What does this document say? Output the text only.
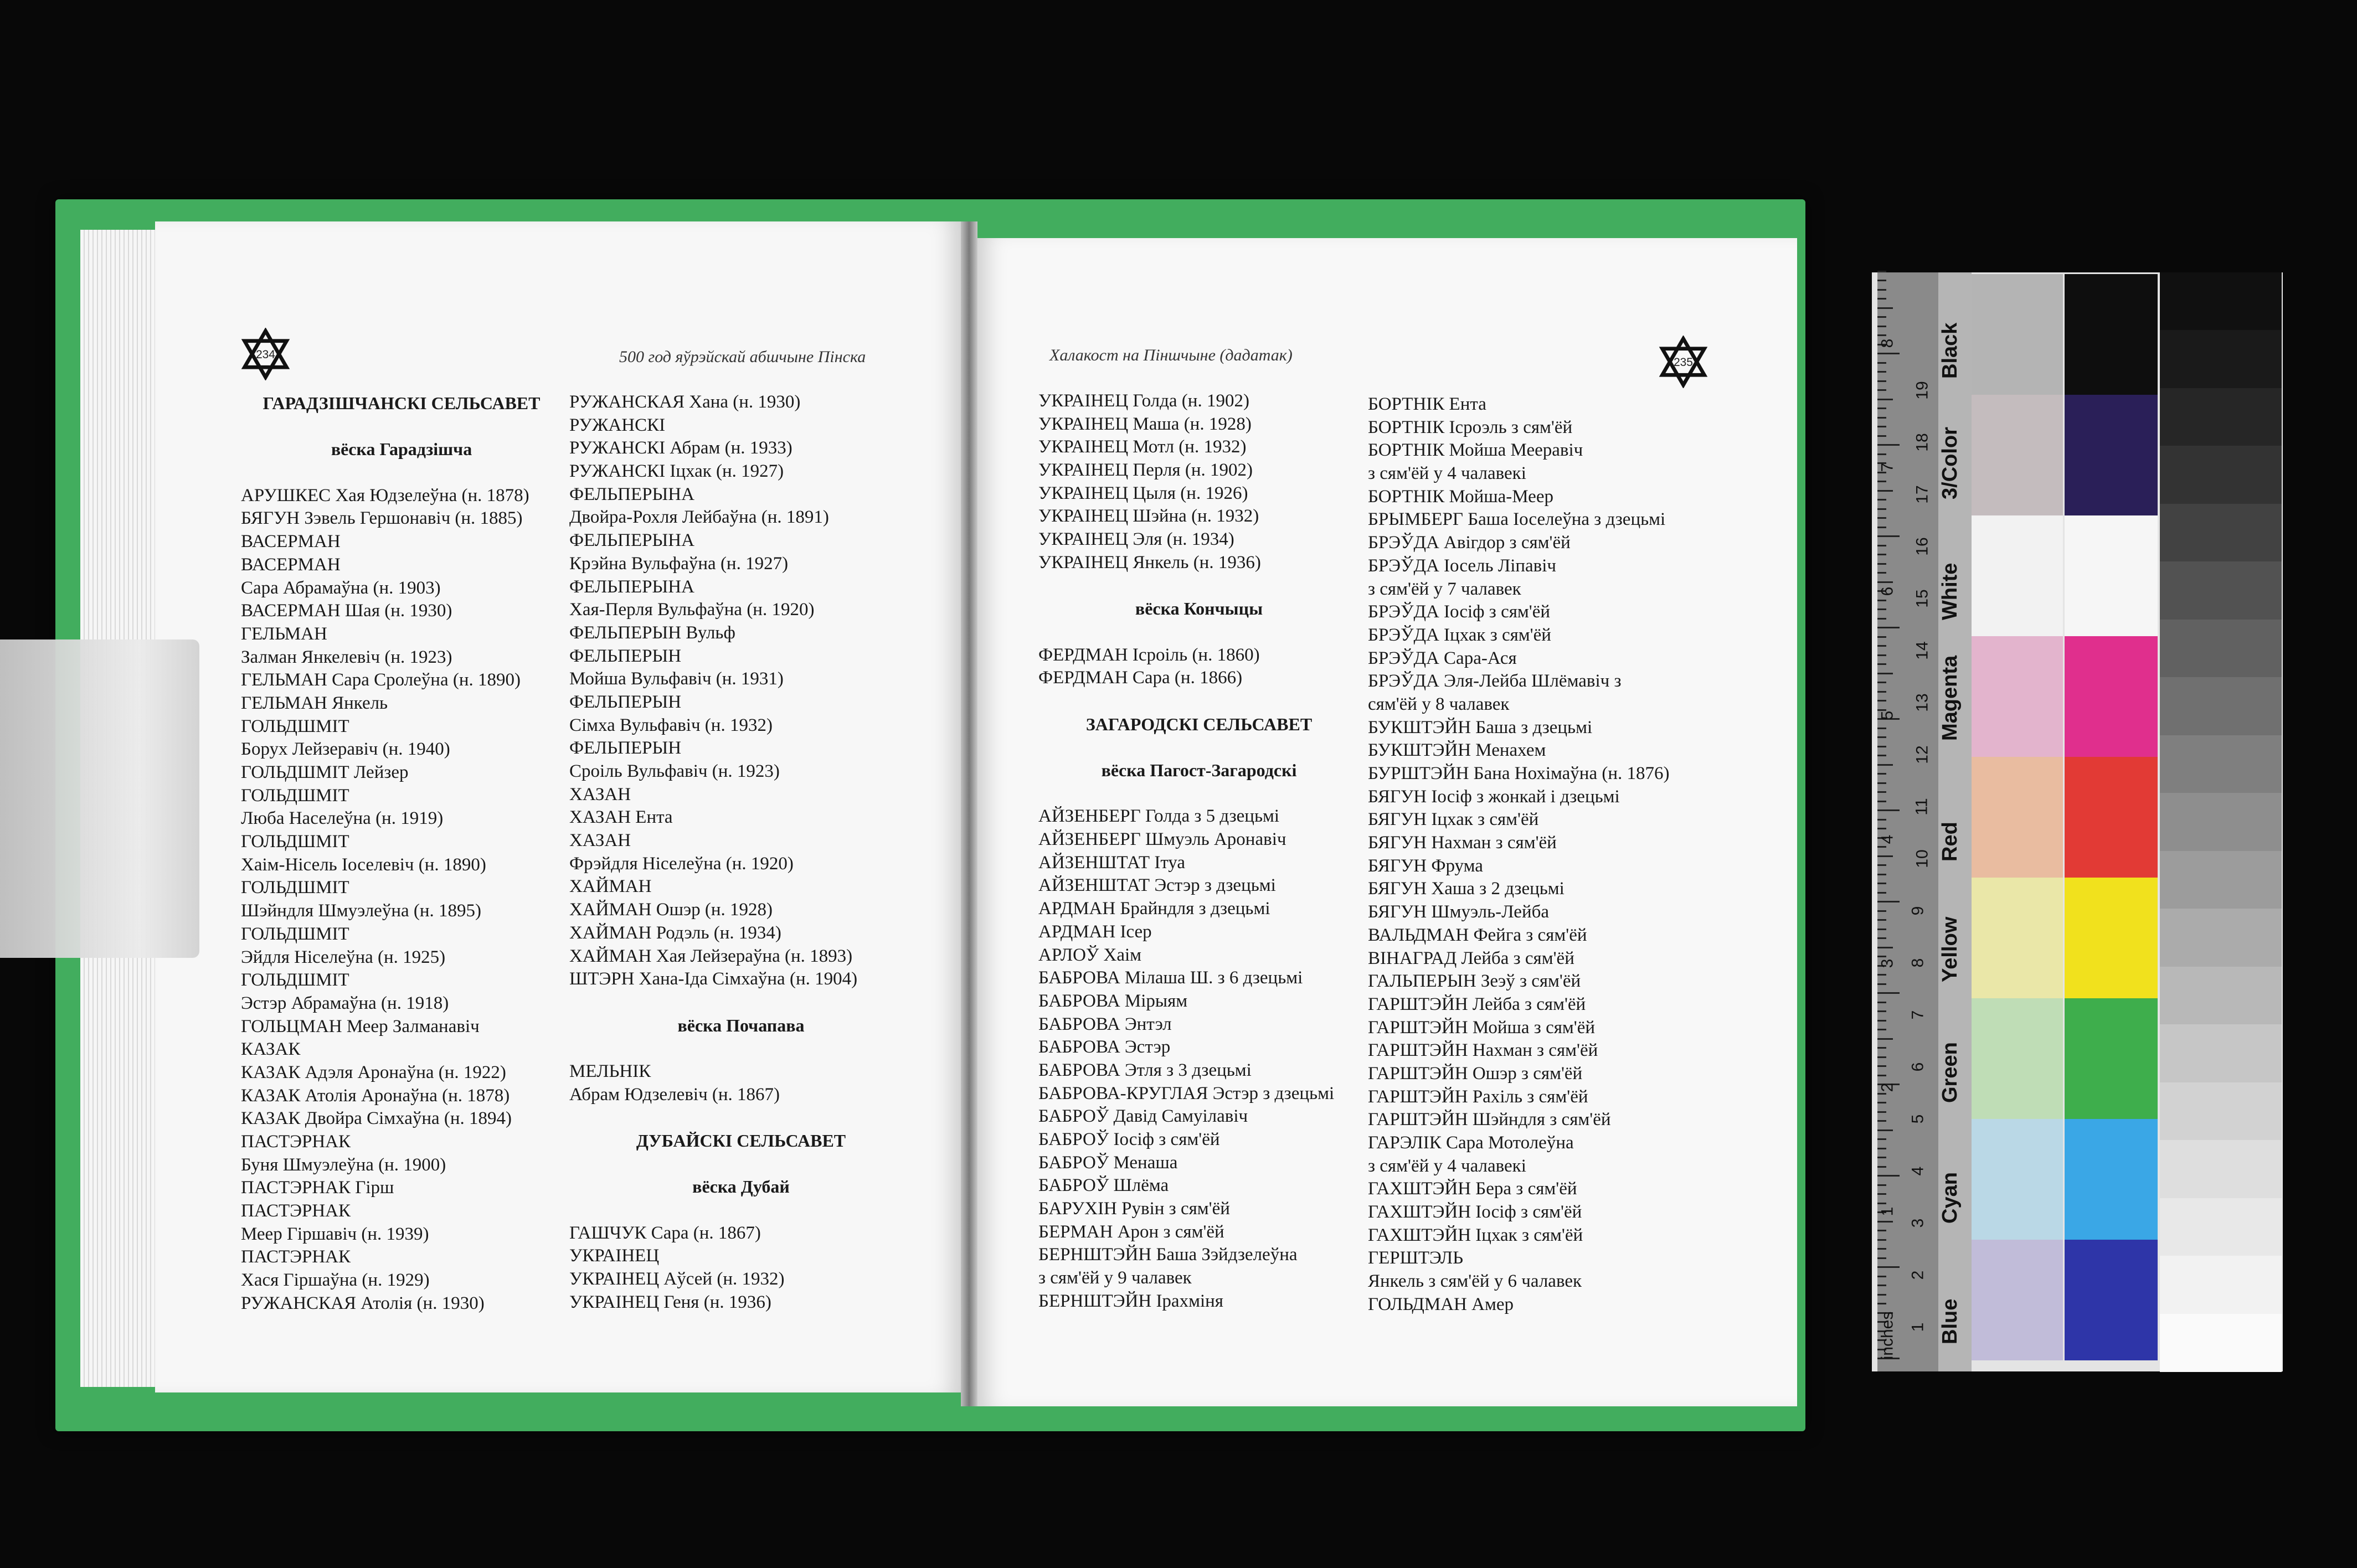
234	500 год яўрэйскай абшчыне Пінска	Халакост на Піншчыне (дадатак)	235
ГАРАДЗІШЧАНСКІ СЕЛЬСАВЕТ
вёска Гарадзішча
АРУШКЕС Хая Юдзелеўна (н. 1878)
БЯГУН Зэвель Гершонавіч (н. 1885)
ВАСЕРМАН
ВАСЕРМАН
Сара Абрамаўна (н. 1903)
ВАСЕРМАН Шая (н. 1930)
ГЕЛЬМАН
Залман Янкелевіч (н. 1923)
ГЕЛЬМАН Сара Сролеўна (н. 1890)
ГЕЛЬМАН Янкель
ГОЛЬДШМІТ
Борух Лейзеравіч (н. 1940)
ГОЛЬДШМІТ Лейзер
ГОЛЬДШМІТ
Люба Населеўна (н. 1919)
ГОЛЬДШМІТ
Хаім-Нісель Іоселевіч (н. 1890)
ГОЛЬДШМІТ
Шэйндля Шмуэлеўна (н. 1895)
ГОЛЬДШМІТ
Эйдля Ніселеўна (н. 1925)
ГОЛЬДШМІТ
Эстэр Абрамаўна (н. 1918)
ГОЛЬЦМАН Меер Залманавіч
КАЗАК
КАЗАК Адэля Аронаўна (н. 1922)
КАЗАК Атолія Аронаўна (н. 1878)
КАЗАК Двойра Сімхаўна (н. 1894)
ПАСТЭРНАК
Буня Шмуэлеўна (н. 1900)
ПАСТЭРНАК Гірш
ПАСТЭРНАК
Меер Гіршавіч (н. 1939)
ПАСТЭРНАК
Хася Гіршаўна (н. 1929)
РУЖАНСКАЯ Атолія (н. 1930)
РУЖАНСКАЯ Хана (н. 1930)
РУЖАНСКІ
РУЖАНСКІ Абрам (н. 1933)
РУЖАНСКІ Іцхак (н. 1927)
ФЕЛЬПЕРЫНА
Двойра-Рохля Лейбаўна (н. 1891)
ФЕЛЬПЕРЫНА
Крэйна Вульфаўна (н. 1927)
ФЕЛЬПЕРЫНА
Хая-Перля Вульфаўна (н. 1920)
ФЕЛЬПЕРЫН Вульф
ФЕЛЬПЕРЫН
Мойша Вульфавіч (н. 1931)
ФЕЛЬПЕРЫН
Сімха Вульфавіч (н. 1932)
ФЕЛЬПЕРЫН
Сроіль Вульфавіч (н. 1923)
ХАЗАН
ХАЗАН Ента
ХАЗАН
Фрэйдля Ніселеўна (н. 1920)
ХАЙМАН
ХАЙМАН Ошэр (н. 1928)
ХАЙМАН Родэль (н. 1934)
ХАЙМАН Хая Лейзераўна (н. 1893)
ШТЭРН Хана-Іда Сімхаўна (н. 1904)
вёска Почапава
МЕЛЬНІК
Абрам Юдзелевіч (н. 1867)
ДУБАЙСКІ СЕЛЬСАВЕТ
вёска Дубай
ГАШЧУК Сара (н. 1867)
УКРАІНЕЦ
УКРАІНЕЦ Аўсей (н. 1932)
УКРАІНЕЦ Геня (н. 1936)
УКРАІНЕЦ Голда (н. 1902)
УКРАІНЕЦ Маша (н. 1928)
УКРАІНЕЦ Мотл (н. 1932)
УКРАІНЕЦ Перля (н. 1902)
УКРАІНЕЦ Цыля (н. 1926)
УКРАІНЕЦ Шэйна (н. 1932)
УКРАІНЕЦ Эля (н. 1934)
УКРАІНЕЦ Янкель (н. 1936)
вёска Кончыцы
ФЕРДМАН Ісроіль (н. 1860)
ФЕРДМАН Сара (н. 1866)
ЗАГАРОДСКІ СЕЛЬСАВЕТ
вёска Пагост-Загародскі
АЙЗЕНБЕРГ Голда з 5 дзецьмі
АЙЗЕНБЕРГ Шмуэль Аронавіч
АЙЗЕНШТАТ Ітуа
АЙЗЕНШТАТ Эстэр з дзецьмі
АРДМАН Брайндля з дзецьмі
АРДМАН Ісер
АРЛОЎ Хаім
БАБРОВА Мілаша Ш. з 6 дзецьмі
БАБРОВА Мірыям
БАБРОВА Энтэл
БАБРОВА Эстэр
БАБРОВА Этля з 3 дзецьмі
БАБРОВА-КРУГЛАЯ Эстэр з дзецьмі
БАБРОЎ Давід Самуілавіч
БАБРОЎ Іосіф з сям'ёй
БАБРОЎ Менаша
БАБРОЎ Шлёма
БАРУХІН Рувін з сям'ёй
БЕРМАН Арон з сям'ёй
БЕРНШТЭЙН Баша Зэйдзелеўна
з сям'ёй у 9 чалавек
БЕРНШТЭЙН Ірахміня
БОРТНІК Ента
БОРТНІК Ісроэль з сям'ёй
БОРТНІК Мойша Мееравіч
з сям'ёй у 4 чалавекі
БОРТНІК Мойша-Меер
БРЫМБЕРГ Баша Іоселеўна з дзецьмі
БРЭЎДА Авігдор з сям'ёй
БРЭЎДА Іосель Ліпавіч
з сям'ёй у 7 чалавек
БРЭЎДА Іосіф з сям'ёй
БРЭЎДА Іцхак з сям'ёй
БРЭЎДА Сара-Ася
БРЭЎДА Эля-Лейба Шлёмавіч з
сям'ёй у 8 чалавек
БУКШТЭЙН Баша з дзецьмі
БУКШТЭЙН Менахем
БУРШТЭЙН Бана Нохімаўна (н. 1876)
БЯГУН Іосіф з жонкай і дзецьмі
БЯГУН Іцхак з сям'ёй
БЯГУН Нахман з сям'ёй
БЯГУН Фрума
БЯГУН Хаша з 2 дзецьмі
БЯГУН Шмуэль-Лейба
ВАЛЬДМАН Фейга з сям'ёй
ВІНАГРАД Лейба з сям'ёй
ГАЛЬПЕРЫН Зеэў з сям'ёй
ГАРШТЭЙН Лейба з сям'ёй
ГАРШТЭЙН Мойша з сям'ёй
ГАРШТЭЙН Нахман з сям'ёй
ГАРШТЭЙН Ошэр з сям'ёй
ГАРШТЭЙН Рахіль з сям'ёй
ГАРШТЭЙН Шэйндля з сям'ёй
ГАРЭЛІК Сара Мотолеўна
з сям'ёй у 4 чалавекі
ГАХШТЭЙН Бера з сям'ёй
ГАХШТЭЙН Іосіф з сям'ёй
ГАХШТЭЙН Іцхак з сям'ёй
ГЕРШТЭЛЬ
Янкель з сям'ёй у 6 чалавек
ГОЛЬДМАН Амер
inches
Black
3/Color
White
Magenta
Red
Yellow
Green
Cyan
Blue
1
2
3
4
5
6
7
8
1
2
3
4
5
6
7
8
9
10
11
12
13
14
15
16
17
18
19
